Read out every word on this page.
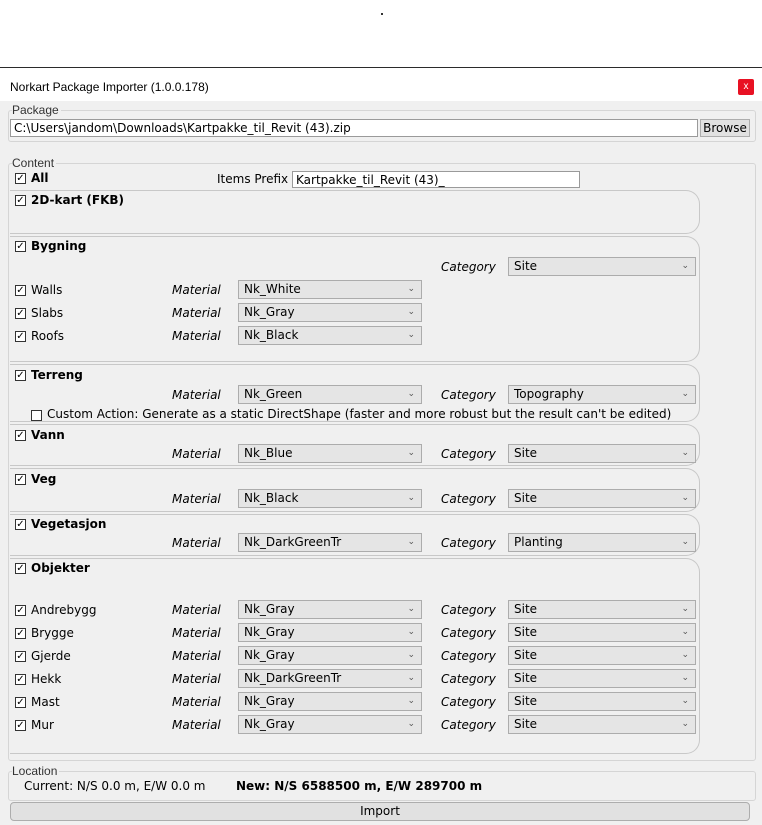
Norkart Package Importer (1.0.0.178)	x
Package
C:\Users\jandom\Downloads\Kartpakke_til_Revit (43).zip	Browse
Content
✓ All	Items Prefix Kartpakke_til_Revit (43)_
✓ 2D-kart (FKB)
✓ Bygning
Category	Site	⌄
✓ Walls	Material	Nk_White	⌄
✓ Slabs	Material	Nk_Gray	⌄
✓ Roofs	Material	Nk_Black	⌄
✓ Terreng
Material	Nk_Green	⌄ Category	Topography	⌄
Custom Action: Generate as a static DirectShape (faster and more robust but the result can't be edited)
✓ Vann
Material	Nk_Blue	⌄ Category	Site	⌄
✓ Veg
Material	Nk_Black	⌄ Category	Site	⌄
✓ Vegetasjon
Material	Nk_DarkGreenTr	⌄ Category	Planting	⌄
✓ Objekter
✓ Andrebygg	Material	Nk_Gray	⌄ Category	Site	⌄
✓ Brygge	Material	Nk_Gray	⌄ Category	Site	⌄
✓ Gjerde	Material	Nk_Gray	⌄ Category	Site	⌄
✓ Hekk	Material	Nk_DarkGreenTr	⌄ Category	Site	⌄
✓ Mast	Material	Nk_Gray	⌄ Category	Site	⌄
✓ Mur	Material	Nk_Gray	⌄ Category	Site	⌄
Location
Current: N/S 0.0 m, E/W 0.0 m	New: N/S 6588500 m, E/W 289700 m
Import
